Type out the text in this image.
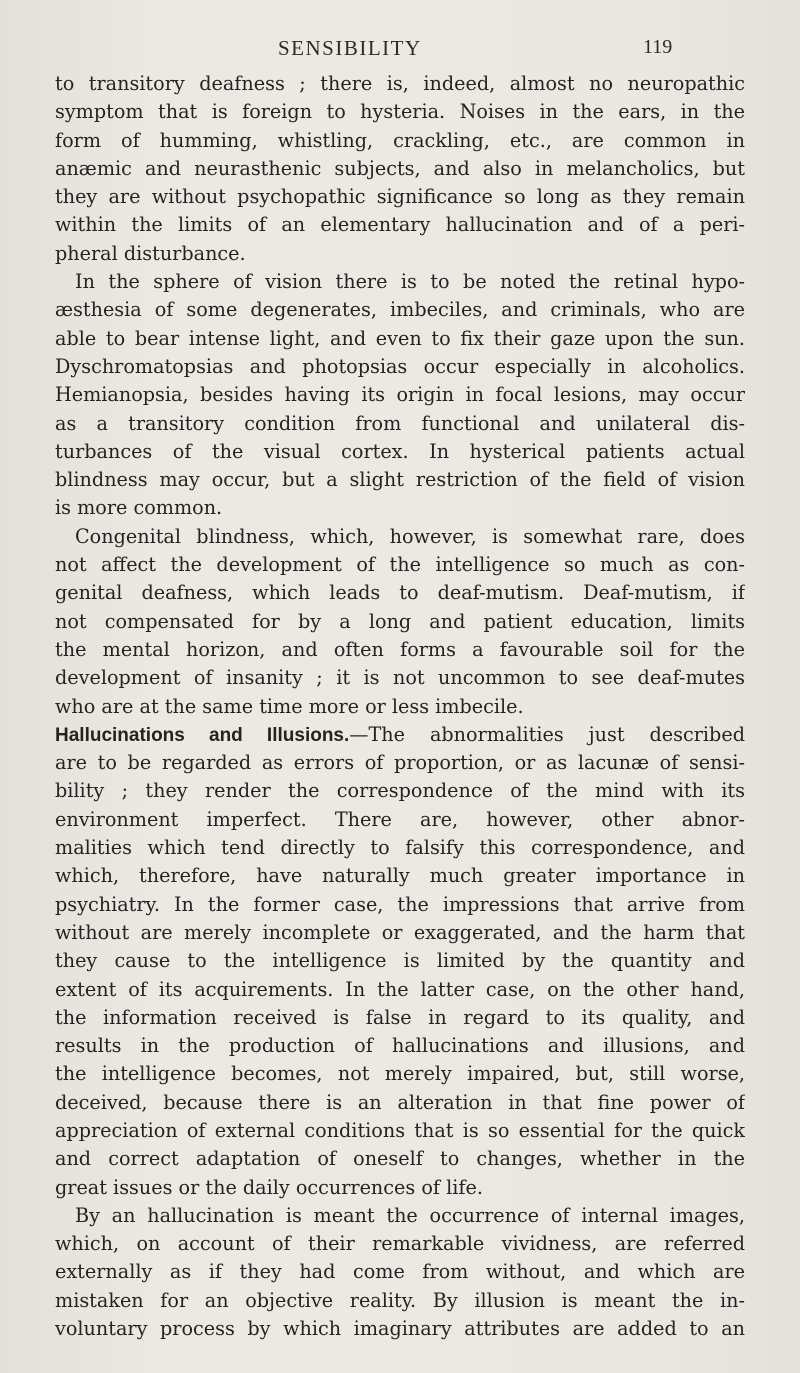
SENSIBILITY	119
to transitory deafness ; there is, indeed, almost no neuropathic
symptom that is foreign to hysteria. Noises in the ears, in the
form of humming, whistling, crackling, etc., are common in
anæmic and neurasthenic subjects, and also in melancholics, but
they are without psychopathic significance so long as they remain
within the limits of an elementary hallucination and of a peri-
pheral disturbance.
In the sphere of vision there is to be noted the retinal hypo-
æsthesia of some degenerates, imbeciles, and criminals, who are
able to bear intense light, and even to fix their gaze upon the sun.
Dyschromatopsias and photopsias occur especially in alcoholics.
Hemianopsia, besides having its origin in focal lesions, may occur
as a transitory condition from functional and unilateral dis-
turbances of the visual cortex. In hysterical patients actual
blindness may occur, but a slight restriction of the field of vision
is more common.
Congenital blindness, which, however, is somewhat rare, does
not affect the development of the intelligence so much as con-
genital deafness, which leads to deaf-mutism. Deaf-mutism, if
not compensated for by a long and patient education, limits
the mental horizon, and often forms a favourable soil for the
development of insanity ; it is not uncommon to see deaf-mutes
who are at the same time more or less imbecile.
Hallucinations and Illusions.—The abnormalities just described
are to be regarded as errors of proportion, or as lacunæ of sensi-
bility ; they render the correspondence of the mind with its
environment imperfect. There are, however, other abnor-
malities which tend directly to falsify this correspondence, and
which, therefore, have naturally much greater importance in
psychiatry. In the former case, the impressions that arrive from
without are merely incomplete or exaggerated, and the harm that
they cause to the intelligence is limited by the quantity and
extent of its acquirements. In the latter case, on the other hand,
the information received is false in regard to its quality, and
results in the production of hallucinations and illusions, and
the intelligence becomes, not merely impaired, but, still worse,
deceived, because there is an alteration in that fine power of
appreciation of external conditions that is so essential for the quick
and correct adaptation of oneself to changes, whether in the
great issues or the daily occurrences of life.
By an hallucination is meant the occurrence of internal images,
which, on account of their remarkable vividness, are referred
externally as if they had come from without, and which are
mistaken for an objective reality. By illusion is meant the in-
voluntary process by which imaginary attributes are added to an
